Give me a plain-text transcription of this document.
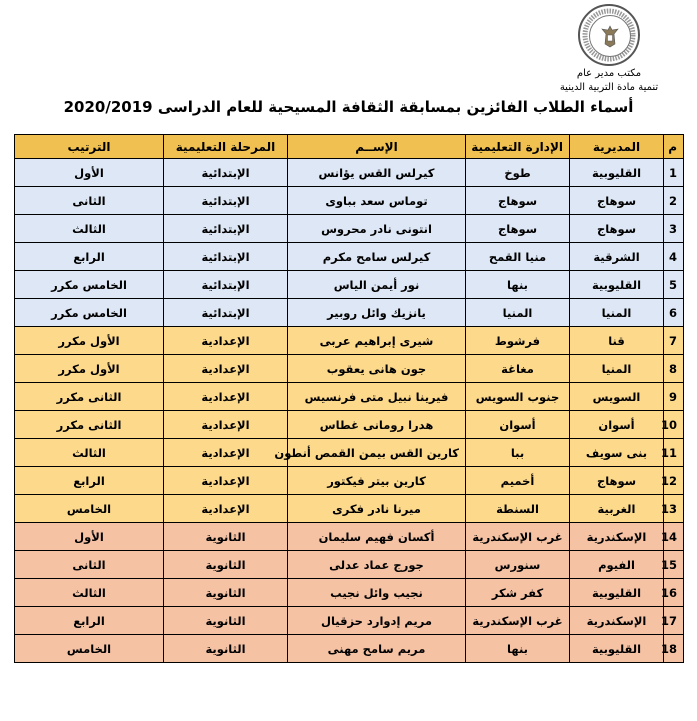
مكتب مدير عام
تنمية مادة التربية الدينية
أسماء الطلاب الفائزين بمسابقة الثقافة المسيحية للعام الدراسى 2020/2019
م	المديرية	الإدارة التعليمية	الإســم	المرحلة التعليمية	الترتيب
1	القليوبية	طوخ	كيرلس القس يؤانس	الإبتدائية	الأول
2	سوهاج	سوهاج	توماس سعد بباوى	الإبتدائية	الثانى
3	سوهاج	سوهاج	انتونى نادر محروس	الإبتدائية	الثالث
4	الشرقية	منيا القمح	كيرلس سامح مكرم	الإبتدائية	الرابع
5	القليوبية	بنها	نور أيمن الياس	الإبتدائية	الخامس مكرر
6	المنيا	المنيا	يانزيك وائل روبير	الإبتدائية	الخامس مكرر
7	قنا	فرشوط	شيرى إبراهيم عربى	الإعدادية	الأول مكرر
8	المنيا	مغاغة	جون هانى يعقوب	الإعدادية	الأول مكرر
9	السويس	جنوب السويس	فيرينا نبيل متى فرنسيس	الإعدادية	الثانى مكرر
10	أسوان	أسوان	هدرا رومانى غطاس	الإعدادية	الثانى مكرر
11	بنى سويف	ببا	كارين القس بيمن القمص أنطون	الإعدادية	الثالث
12	سوهاج	أخميم	كارين بيتر فيكتور	الإعدادية	الرابع
13	الغربية	السنطة	ميرنا نادر فكرى	الإعدادية	الخامس
14	الإسكندرية	غرب الإسكندرية	أكسان فهيم سليمان	الثانوية	الأول
15	الفيوم	سنورس	جورج عماد عدلى	الثانوية	الثانى
16	القليوبية	كفر شكر	نجيب وائل نجيب	الثانوية	الثالث
17	الإسكندرية	غرب الإسكندرية	مريم إدوارد حزقيال	الثانوية	الرابع
18	القليوبية	بنها	مريم سامح مهنى	الثانوية	الخامس
